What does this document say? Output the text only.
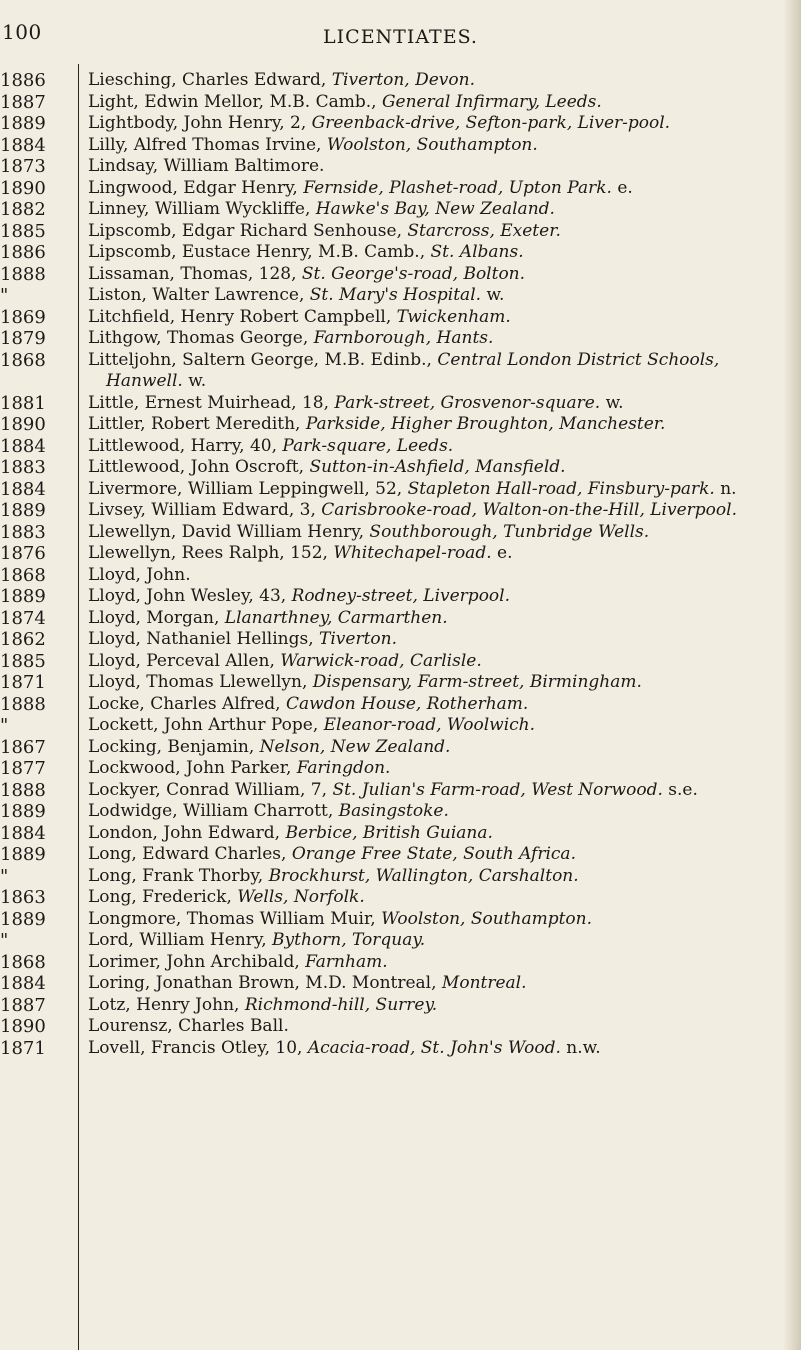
100	LICENTIATES.
1886	Liesching, Charles Edward, Tiverton, Devon.
1887	Light, Edwin Mellor, M.B. Camb., General Infirmary, Leeds.
1889	Lightbody, John Henry, 2, Greenback-drive, Sefton-park, Liver-pool.
1884	Lilly, Alfred Thomas Irvine, Woolston, Southampton.
1873	Lindsay, William Baltimore.
1890	Lingwood, Edgar Henry, Fernside, Plashet-road, Upton Park. e.
1882	Linney, William Wyckliffe, Hawke's Bay, New Zealand.
1885	Lipscomb, Edgar Richard Senhouse, Starcross, Exeter.
1886	Lipscomb, Eustace Henry, M.B. Camb., St. Albans.
1888	Lissaman, Thomas, 128, St. George's-road, Bolton.
"	Liston, Walter Lawrence, St. Mary's Hospital. w.
1869	Litchfield, Henry Robert Campbell, Twickenham.
1879	Lithgow, Thomas George, Farnborough, Hants.
1868	Litteljohn, Saltern George, M.B. Edinb., Central London District Schools, Hanwell. w.
1881	Little, Ernest Muirhead, 18, Park-street, Grosvenor-square. w.
1890	Littler, Robert Meredith, Parkside, Higher Broughton, Manchester.
1884	Littlewood, Harry, 40, Park-square, Leeds.
1883	Littlewood, John Oscroft, Sutton-in-Ashfield, Mansfield.
1884	Livermore, William Leppingwell, 52, Stapleton Hall-road, Finsbury-park. n.
1889	Livsey, William Edward, 3, Carisbrooke-road, Walton-on-the-Hill, Liverpool.
1883	Llewellyn, David William Henry, Southborough, Tunbridge Wells.
1876	Llewellyn, Rees Ralph, 152, Whitechapel-road. e.
1868	Lloyd, John.
1889	Lloyd, John Wesley, 43, Rodney-street, Liverpool.
1874	Lloyd, Morgan, Llanarthney, Carmarthen.
1862	Lloyd, Nathaniel Hellings, Tiverton.
1885	Lloyd, Perceval Allen, Warwick-road, Carlisle.
1871	Lloyd, Thomas Llewellyn, Dispensary, Farm-street, Birmingham.
1888	Locke, Charles Alfred, Cawdon House, Rotherham.
"	Lockett, John Arthur Pope, Eleanor-road, Woolwich.
1867	Locking, Benjamin, Nelson, New Zealand.
1877	Lockwood, John Parker, Faringdon.
1888	Lockyer, Conrad William, 7, St. Julian's Farm-road, West Norwood. s.e.
1889	Lodwidge, William Charrott, Basingstoke.
1884	London, John Edward, Berbice, British Guiana.
1889	Long, Edward Charles, Orange Free State, South Africa.
"	Long, Frank Thorby, Brockhurst, Wallington, Carshalton.
1863	Long, Frederick, Wells, Norfolk.
1889	Longmore, Thomas William Muir, Woolston, Southampton.
"	Lord, William Henry, Bythorn, Torquay.
1868	Lorimer, John Archibald, Farnham.
1884	Loring, Jonathan Brown, M.D. Montreal, Montreal.
1887	Lotz, Henry John, Richmond-hill, Surrey.
1890	Lourensz, Charles Ball.
1871	Lovell, Francis Otley, 10, Acacia-road, St. John's Wood. n.w.
